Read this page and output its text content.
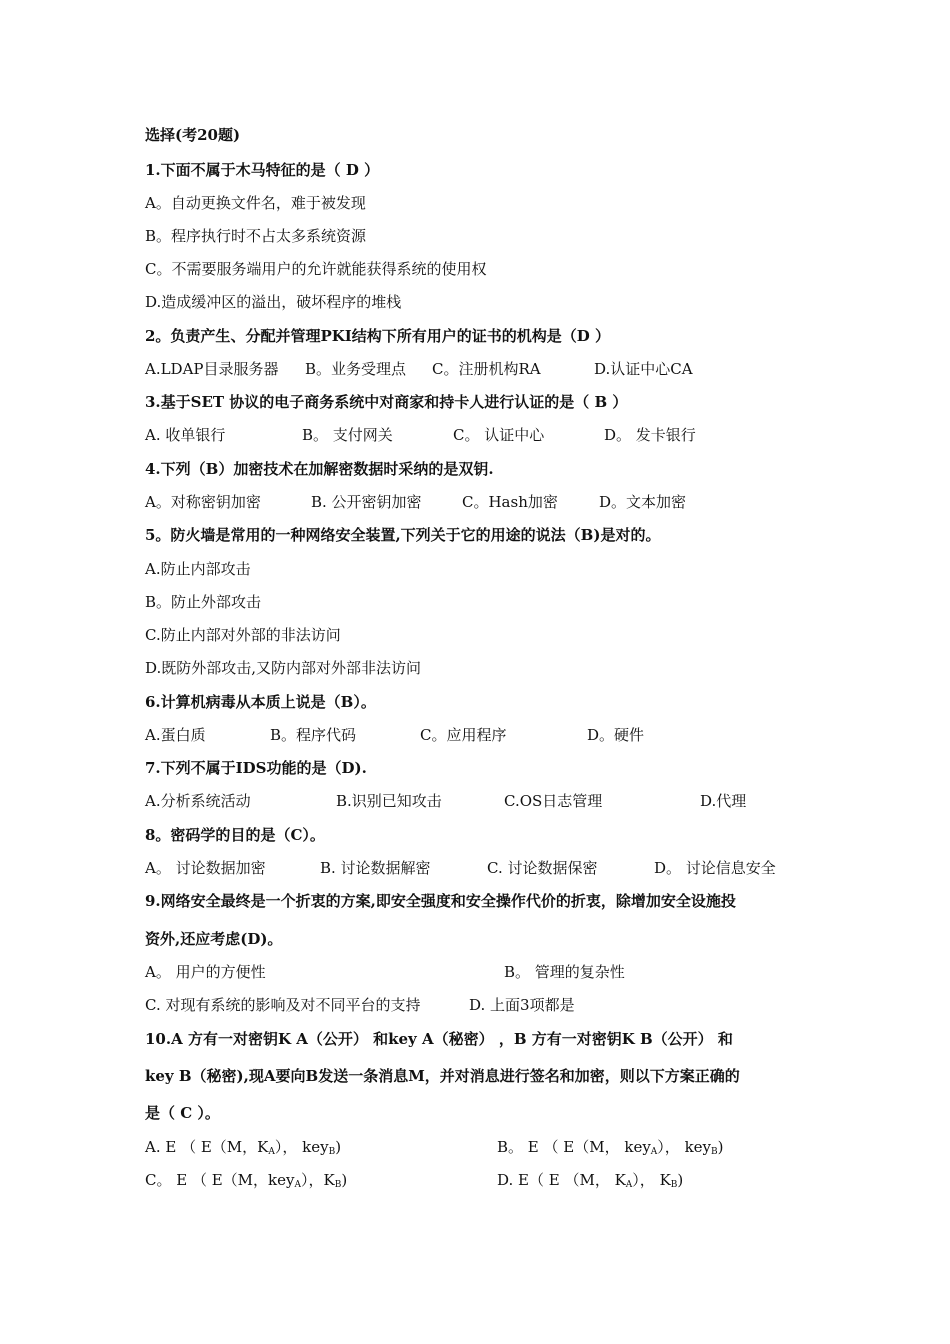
选择(考20题)
1.下面不属于木马特征的是（ D ）
A。自动更换文件名，难于被发现
B。程序执行时不占太多系统资源
C。不需要服务端用户的允许就能获得系统的使用权
D.造成缓冲区的溢出，破坏程序的堆栈
2。负责产生、分配并管理PKI结构下所有用户的证书的机构是（D ）
A.LDAP目录服务器 B。业务受理点 C。注册机构RA	D.认证中心CA
3.基于SET 协议的电子商务系统中对商家和持卡人进行认证的是（ B ）
A. 收单银行	B。 支付网关	C。 认证中心	D。 发卡银行
4.下列（B）加密技术在加解密数据时采纳的是双钥.
A。对称密钥加密	B. 公开密钥加密	C。Hash加密	D。文本加密
5。防火墙是常用的一种网络安全装置,下列关于它的用途的说法（B)是对的。
A.防止内部攻击
B。防止外部攻击
C.防止内部对外部的非法访问
D.既防外部攻击,又防内部对外部非法访问
6.计算机病毒从本质上说是（B）。
A.蛋白质	B。程序代码	C。应用程序	D。硬件
7.下列不属于IDS功能的是（D).
A.分析系统活动	B.识别已知攻击	C.OS日志管理	D.代理
8。密码学的目的是（C）。
A。 讨论数据加密	B. 讨论数据解密	C. 讨论数据保密	D。 讨论信息安全
9.网络安全最终是一个折衷的方案,即安全强度和安全操作代价的折衷，除增加安全设施投
资外,还应考虑(D)。
A。 用户的方便性	B。 管理的复杂性
C. 对现有系统的影响及对不同平台的支持	D. 上面3项都是
10.A 方有一对密钥K A（公开） 和key A（秘密） ，B 方有一对密钥K B（公开） 和
key B（秘密),现A要向B发送一条消息M，并对消息进行签名和加密，则以下方案正确的
是（ C ）。
A. E （ E（M，$K_A$）， key$_B$)	B。 E （ E（M， key$_A$）， key$_B$)
C。 E （ E（M，key$_A$），$K_B$)	D. E（ E （M， $K_A$）， $K_B$)
